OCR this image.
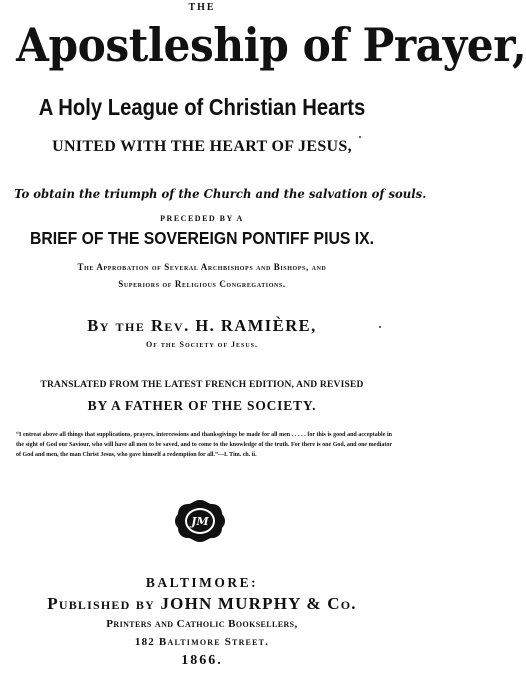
THE
Apostleship of Prayer,
A Holy League of Christian Hearts
UNITED WITH THE HEART OF JESUS,
To obtain the triumph of the Church and the salvation of souls.
PRECEDED BY A
BRIEF OF THE SOVEREIGN PONTIFF PIUS IX.
The Approbation of Several Archbishops and Bishops, and
Superiors of Religious Congregations.
By the Rev. H. RAMIÈRE,
Of the Society of Jesus.
TRANSLATED FROM THE LATEST FRENCH EDITION, AND REVISED
BY A FATHER OF THE SOCIETY.
“I entreat above all things that supplications, prayers, intercessions and thanksgivings be made for all men . . . . . for this is good and acceptable in the sight of God our Saviour, who will have all men to be saved, and to come to the knowledge of the truth. For there is one God, and one mediator of God and men, the man Christ Jesus, who gave himself a redemption for all.”—I. Tim. ch. ii.
JM
BALTIMORE:
Published by JOHN MURPHY & Co.
Printers and Catholic Booksellers,
182 Baltimore Street.
1866.
